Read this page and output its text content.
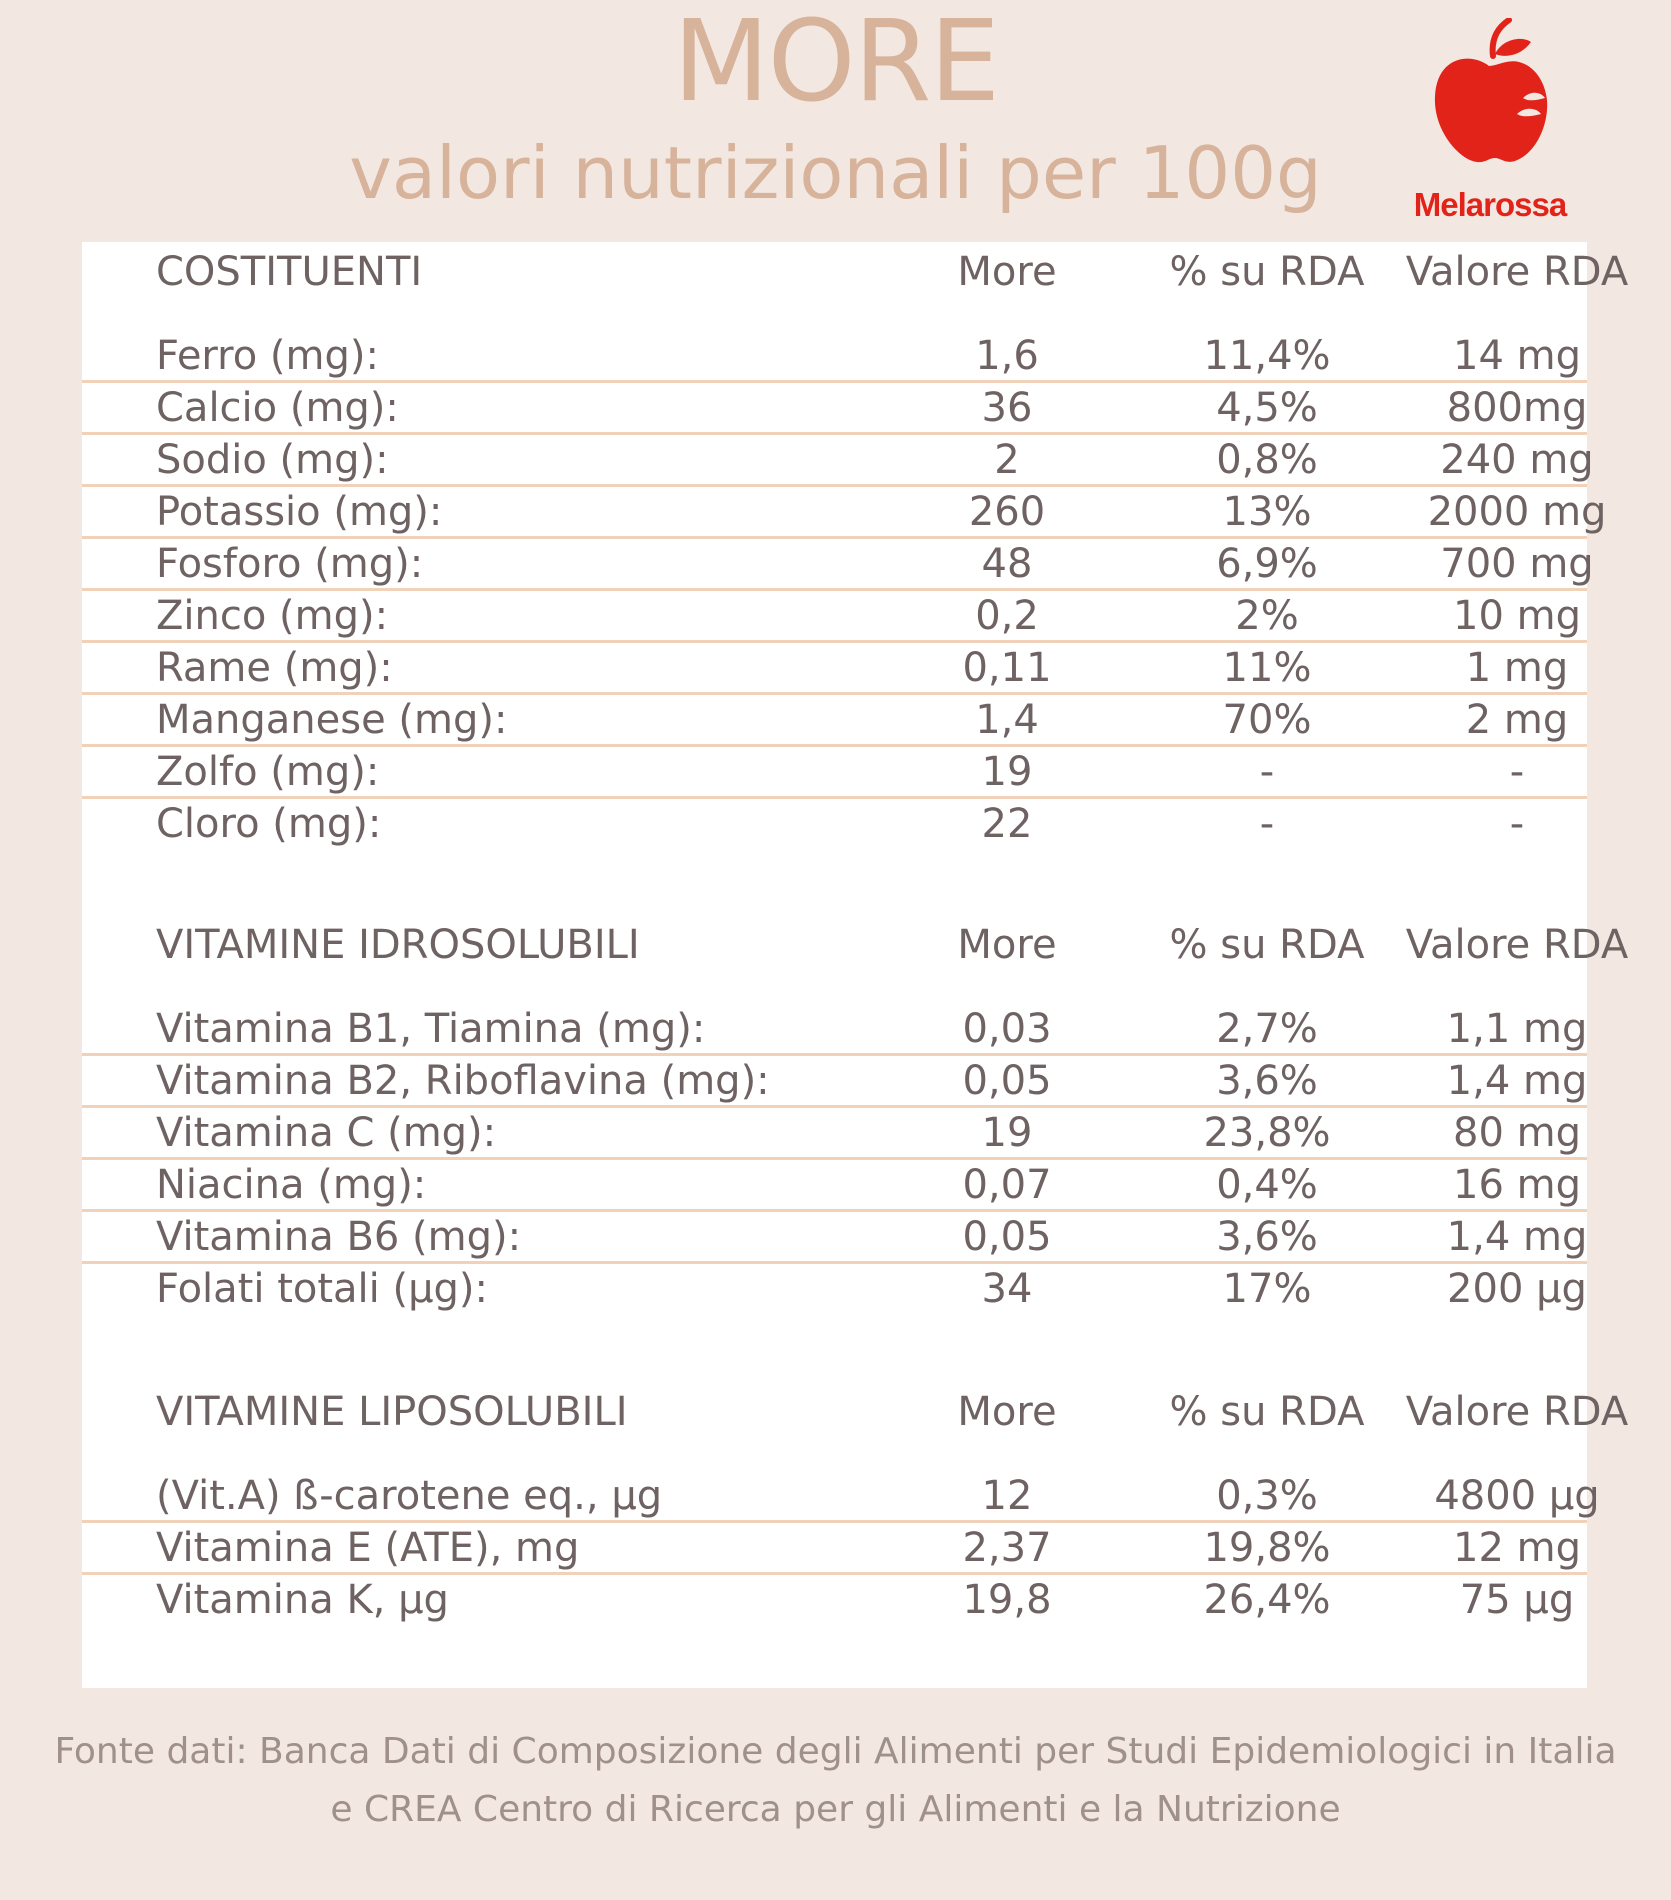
MORE
valori nutrizionali per 100g	Melarossa
COSTITUENTI	More	% su RDA	Valore RDA
Ferro (mg):	1,6	11,4%	14 mg
Calcio (mg):	36	4,5%	800mg
Sodio (mg):	2	0,8%	240 mg
Potassio (mg):	260	13%	2000 mg
Fosforo (mg):	48	6,9%	700 mg
Zinco (mg):	0,2	2%	10 mg
Rame (mg):	0,11	11%	1 mg
Manganese (mg):	1,4	70%	2 mg
Zolfo (mg):	19	-	-
Cloro (mg):	22	-	-
VITAMINE IDROSOLUBILI	More	% su RDA	Valore RDA
Vitamina B1, Tiamina (mg):	0,03	2,7%	1,1 mg
Vitamina B2, Riboflavina (mg):	0,05	3,6%	1,4 mg
Vitamina C (mg):	19	23,8%	80 mg
Niacina (mg):	0,07	0,4%	16 mg
Vitamina B6 (mg):	0,05	3,6%	1,4 mg
Folati totali (µg):	34	17%	200 µg
VITAMINE LIPOSOLUBILI	More	% su RDA	Valore RDA
(Vit.A) ß-carotene eq., µg	12	0,3%	4800 µg
Vitamina E (ATE), mg	2,37	19,8%	12 mg
Vitamina K, µg	19,8	26,4%	75 µg
Fonte dati: Banca Dati di Composizione degli Alimenti per Studi Epidemiologici in Italia
e CREA Centro di Ricerca per gli Alimenti e la Nutrizione
